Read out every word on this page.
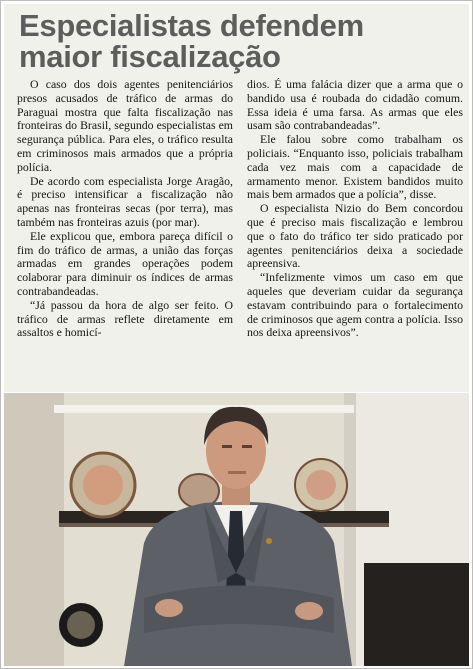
Especialistas defendem
maior fiscalização

O caso dos dois agentes penitenciários presos acusados de tráfico de armas do Paraguai mostra que falta fiscalização nas fronteiras do Brasil, segundo especialistas em segurança pública. Para eles, o tráfico resulta em criminosos mais armados que a própria polícia.

De acordo com especialista Jorge Aragão, é preciso intensificar a fiscalização não apenas nas fronteiras secas (por terra), mas também nas fronteiras azuis (por mar).

Ele explicou que, embora pareça difícil o fim do tráfico de armas, a união das forças armadas em grandes operações podem colaborar para diminuir os índices de armas contrabandeadas.

“Já passou da hora de algo ser feito. O tráfico de armas reflete diretamente em assaltos e homicí-

dios. É uma falácia dizer que a arma que o bandido usa é roubada do cidadão comum. Essa ideia é uma farsa. As armas que eles usam são contrabandeadas”.

Ele falou sobre como trabalham os policiais. “Enquanto isso, policiais trabalham cada vez mais com a capacidade de armamento menor. Existem bandidos muito mais bem armados que a polícia”, disse.

O especialista Nizio do Bem concordou que é preciso mais fiscalização e lembrou que o fato do tráfico ter sido praticado por agentes penitenciários deixa a sociedade apreensiva.

“Infelizmente vimos um caso em que aqueles que deveriam cuidar da segurança estavam contribuindo para o fortalecimento de criminosos que agem contra a polícia. Isso nos deixa apreensivos”.
